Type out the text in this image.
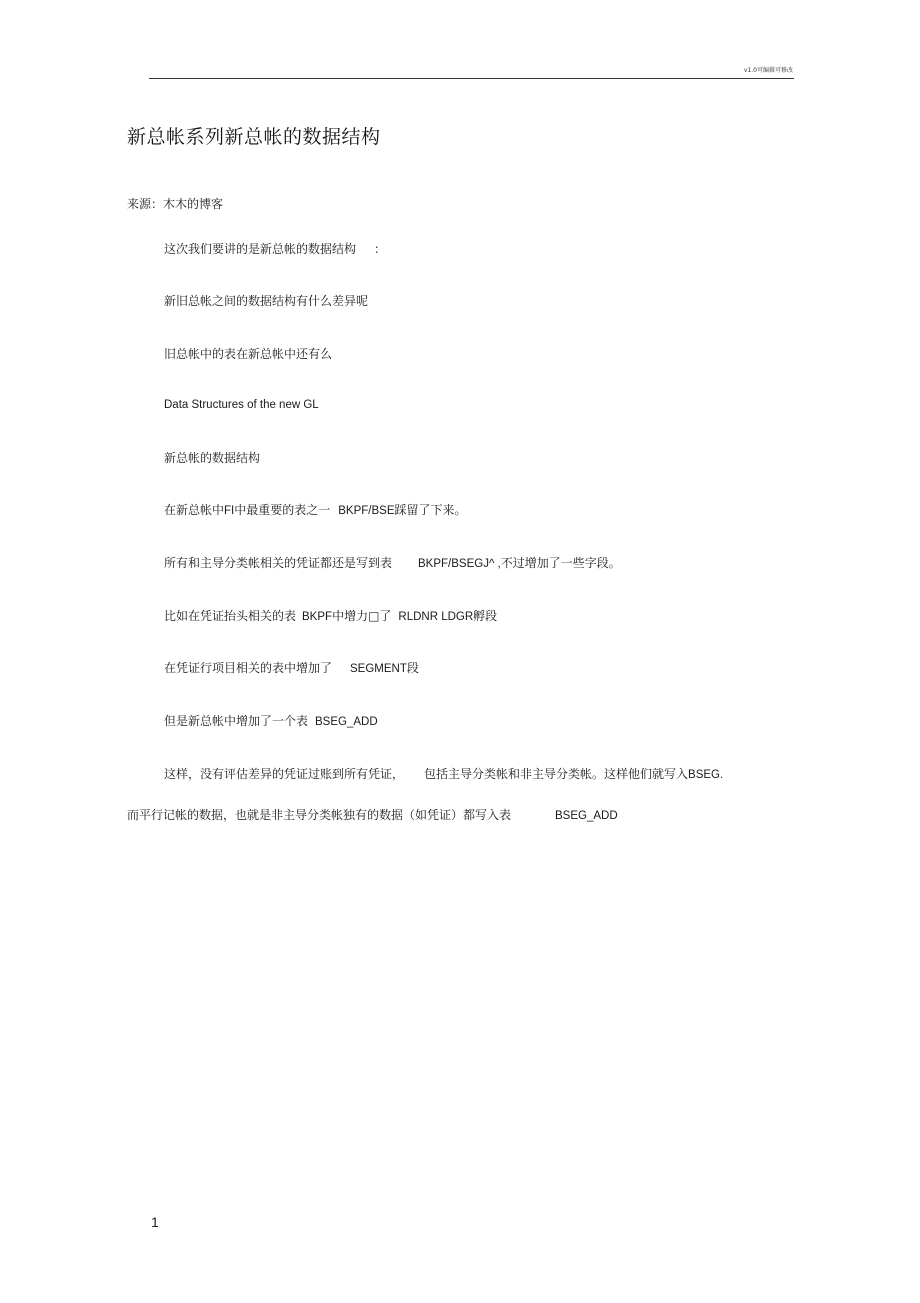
v1.0可编辑可修改
新总帐系列新总帐的数据结构
来源：木木的博客
这次我们要讲的是新总帐的数据结构 ：
新旧总帐之间的数据结构有什么差异呢
旧总帐中的表在新总帐中还有么
Data Structures of the new GL
新总帐的数据结构
在新总帐中FI中最重要的表之一 BKPF/BSE踩留了下来。
所有和主导分类帐相关的凭证都还是写到表 BKPF/BSEGJ^ ,不过增加了一些字段。
比如在凭证抬头相关的表 BKPF中增力□了 RLDNR LDGR孵段
在凭证行项目相关的表中增加了 SEGMENT段
但是新总帐中增加了一个表 BSEG_ADD
这样，没有评估差异的凭证过账到所有凭证， 包括主导分类帐和非主导分类帐。这样他们就写入BSEG.
而平行记帐的数据，也就是非主导分类帐独有的数据（如凭证）都写入表	BSEG_ADD
1
